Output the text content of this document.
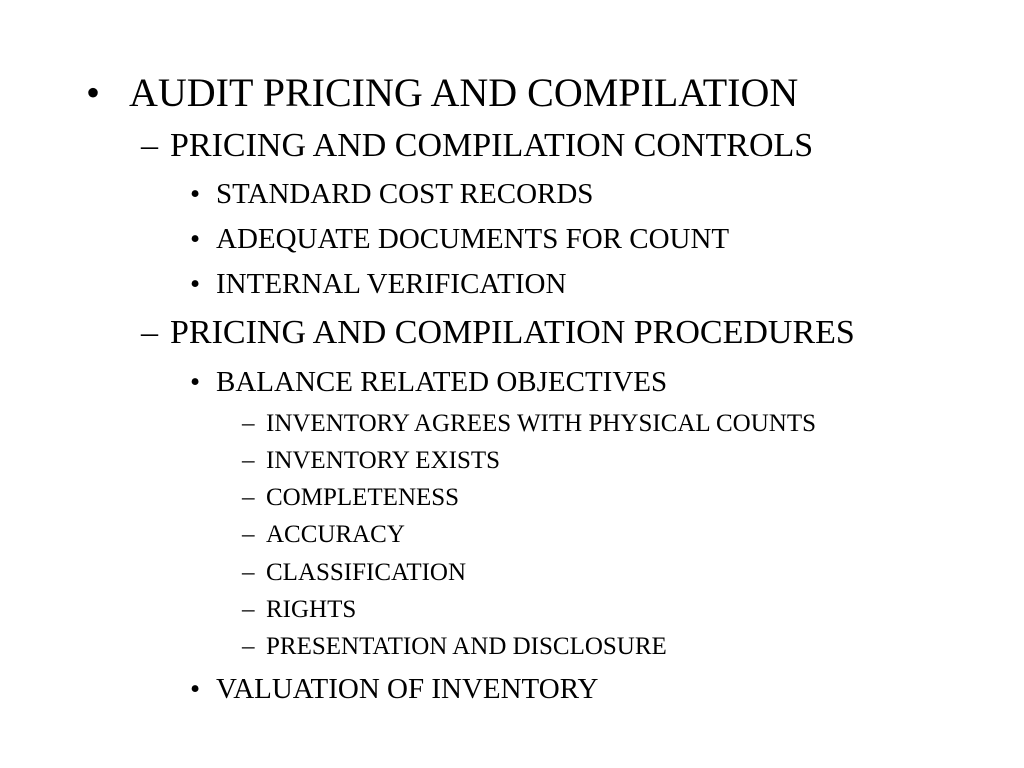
• AUDIT PRICING AND COMPILATION
– PRICING AND COMPILATION CONTROLS
• STANDARD COST RECORDS
• ADEQUATE DOCUMENTS FOR COUNT
• INTERNAL VERIFICATION
– PRICING AND COMPILATION PROCEDURES
• BALANCE RELATED OBJECTIVES
– INVENTORY AGREES WITH PHYSICAL COUNTS
– INVENTORY EXISTS
– COMPLETENESS
– ACCURACY
– CLASSIFICATION
– RIGHTS
– PRESENTATION AND DISCLOSURE
• VALUATION OF INVENTORY
